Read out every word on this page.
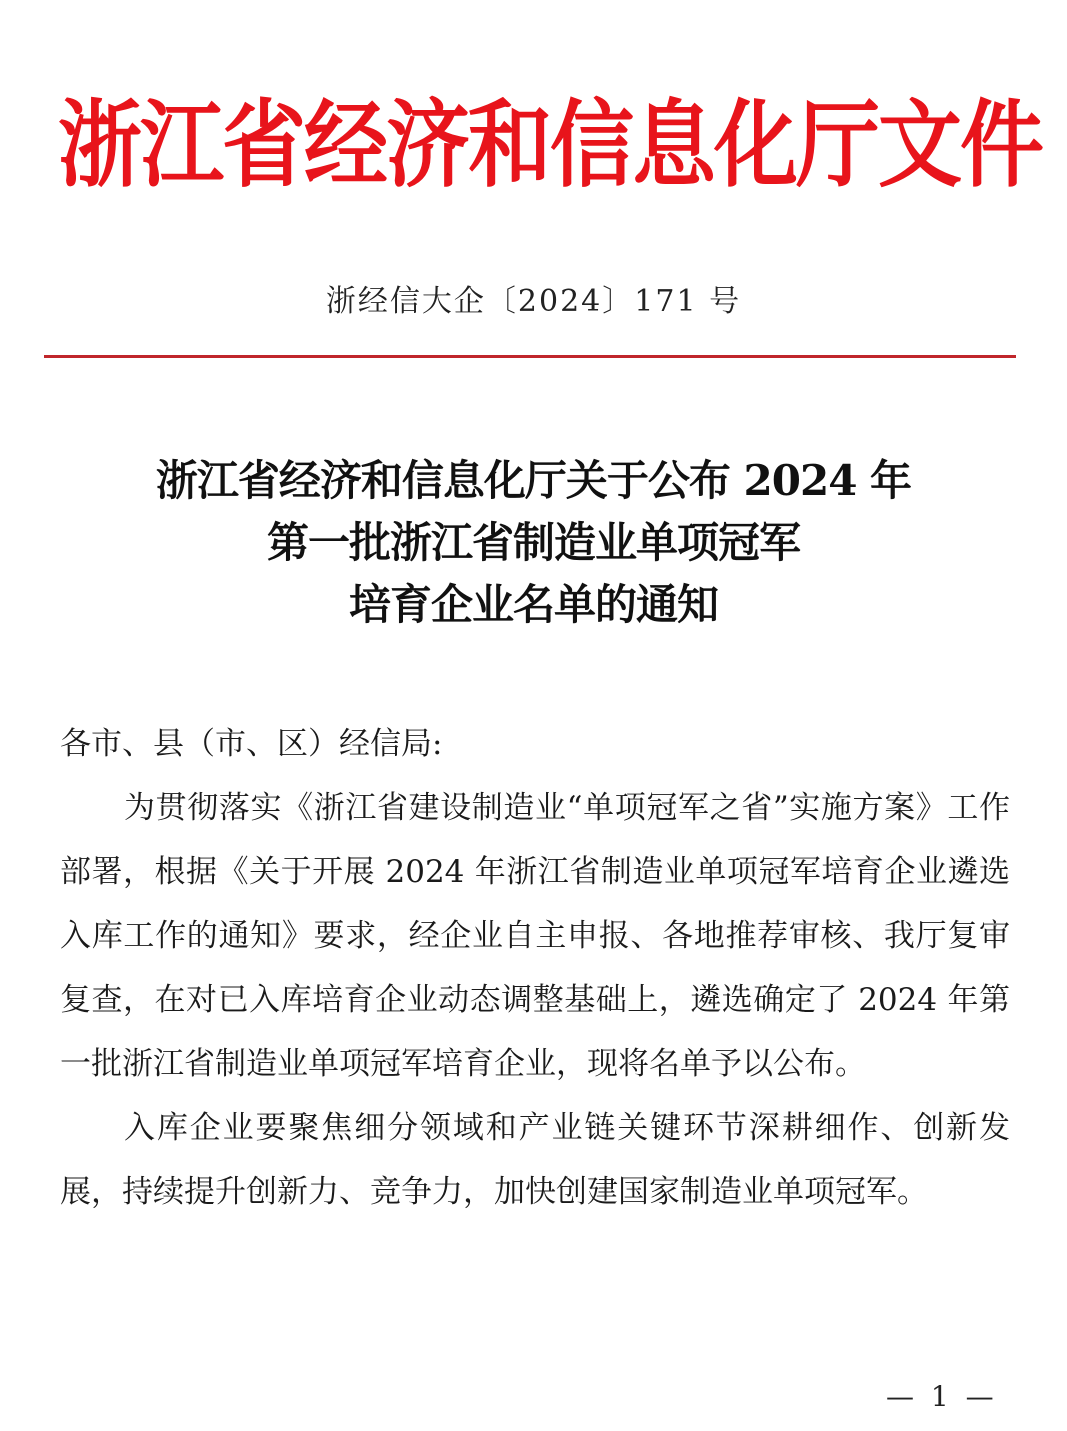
浙江省经济和信息化厅文件
浙经信大企〔2024〕171 号
浙江省经济和信息化厅关于公布 2024 年
第一批浙江省制造业单项冠军
培育企业名单的通知

各市、县（市、区）经信局:

为贯彻落实《浙江省建设制造业“单项冠军之省”实施方案》工作部署，根据《关于开展 2024 年浙江省制造业单项冠军培育企业遴选入库工作的通知》要求，经企业自主申报、各地推荐审核、我厅复审复查，在对已入库培育企业动态调整基础上，遴选确定了 2024 年第一批浙江省制造业单项冠军培育企业，现将名单予以公布。

入库企业要聚焦细分领域和产业链关键环节深耕细作、创新发展，持续提升创新力、竞争力，加快创建国家制造业单项冠军。

— 1 —
